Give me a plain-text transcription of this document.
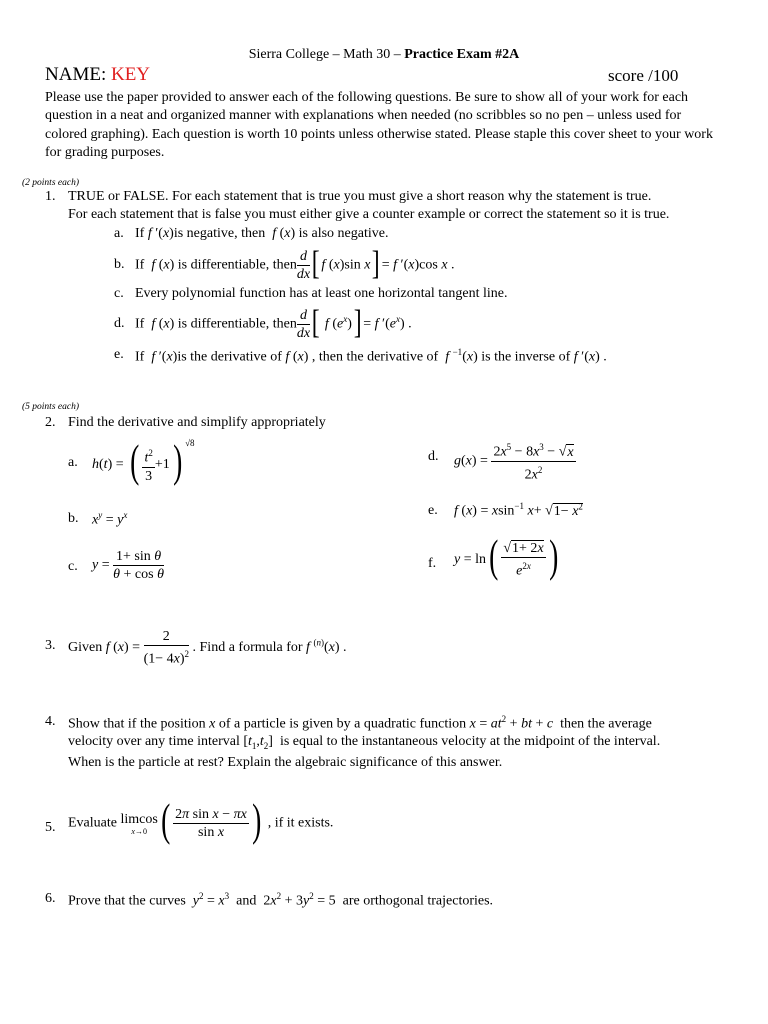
Sierra College – Math 30 – Practice Exam #2A
NAME: KEY	score /100
Please use the paper provided to answer each of the following questions. Be sure to show all of your work for each question in a neat and organized manner with explanations when needed (no scribbles so no pen – unless used for colored graphing). Each question is worth 10 points unless otherwise stated. Please staple this cover sheet to your work for grading purposes.
(2 points each)
1. TRUE or FALSE. For each statement that is true you must give a short reason why the statement is true.
For each statement that is false you must either give a counter example or correct the statement so it is true.
a. If f ′(x)is negative, then  f (x) is also negative.
b. If  f (x) is differentiable, then $\frac{d}{dx}$ [ f (x)sin x] = f ′(x)cos x .
c. Every polynomial function has at least one horizontal tangent line.
d. If  f (x) is differentiable, then $\frac{d}{dx}$ [ f $(e^x)] = f$ $'(e^x)$ .
e. If  f ′(x)is the derivative of f (x) , then the derivative of  f $^{-1}$(x) is the inverse of f ′(x) .
(5 points each)
2. Find the derivative and simplify appropriately
a. h(t) = ( $\frac{t^2}{3} +1$) $^{√8}$
d. $g(x) = \frac{2x^5 - 8x^3 - √x}{2x^2}$
b. $x^y = y^x$	e. f (x) = xsin$^{-1}$ $x+ √1- x^2$
c. $y = \frac{\text{1+ sin θ}}{\text{θ + cos θ}}$	f. $y = \ln( \frac{√1+ 2x}{e^{2x}}$ )
3. Given f $(x) = \frac{2}{(1- 4x)^2}$ . Find a formula for f $^{(n)}$(x) .
4. Show that if the position x of a particle is given by a quadratic function $x = at^2$ + bt + c then the average
velocity over any time interval $[t_1,t_2]$  is equal to the instantaneous velocity at the midpoint of the interval.
When is the particle at rest? Explain the algebraic significance of this answer.
5. Evaluate limcos
x→0 ( $\frac{\text{2π sin x − πx}}{\text{sin x}}$ ) , if it exists.
6. Prove that the curves $y^2 = x^3$ and  $2x^2 + 3y^2 = 5$  are orthogonal trajectories.
